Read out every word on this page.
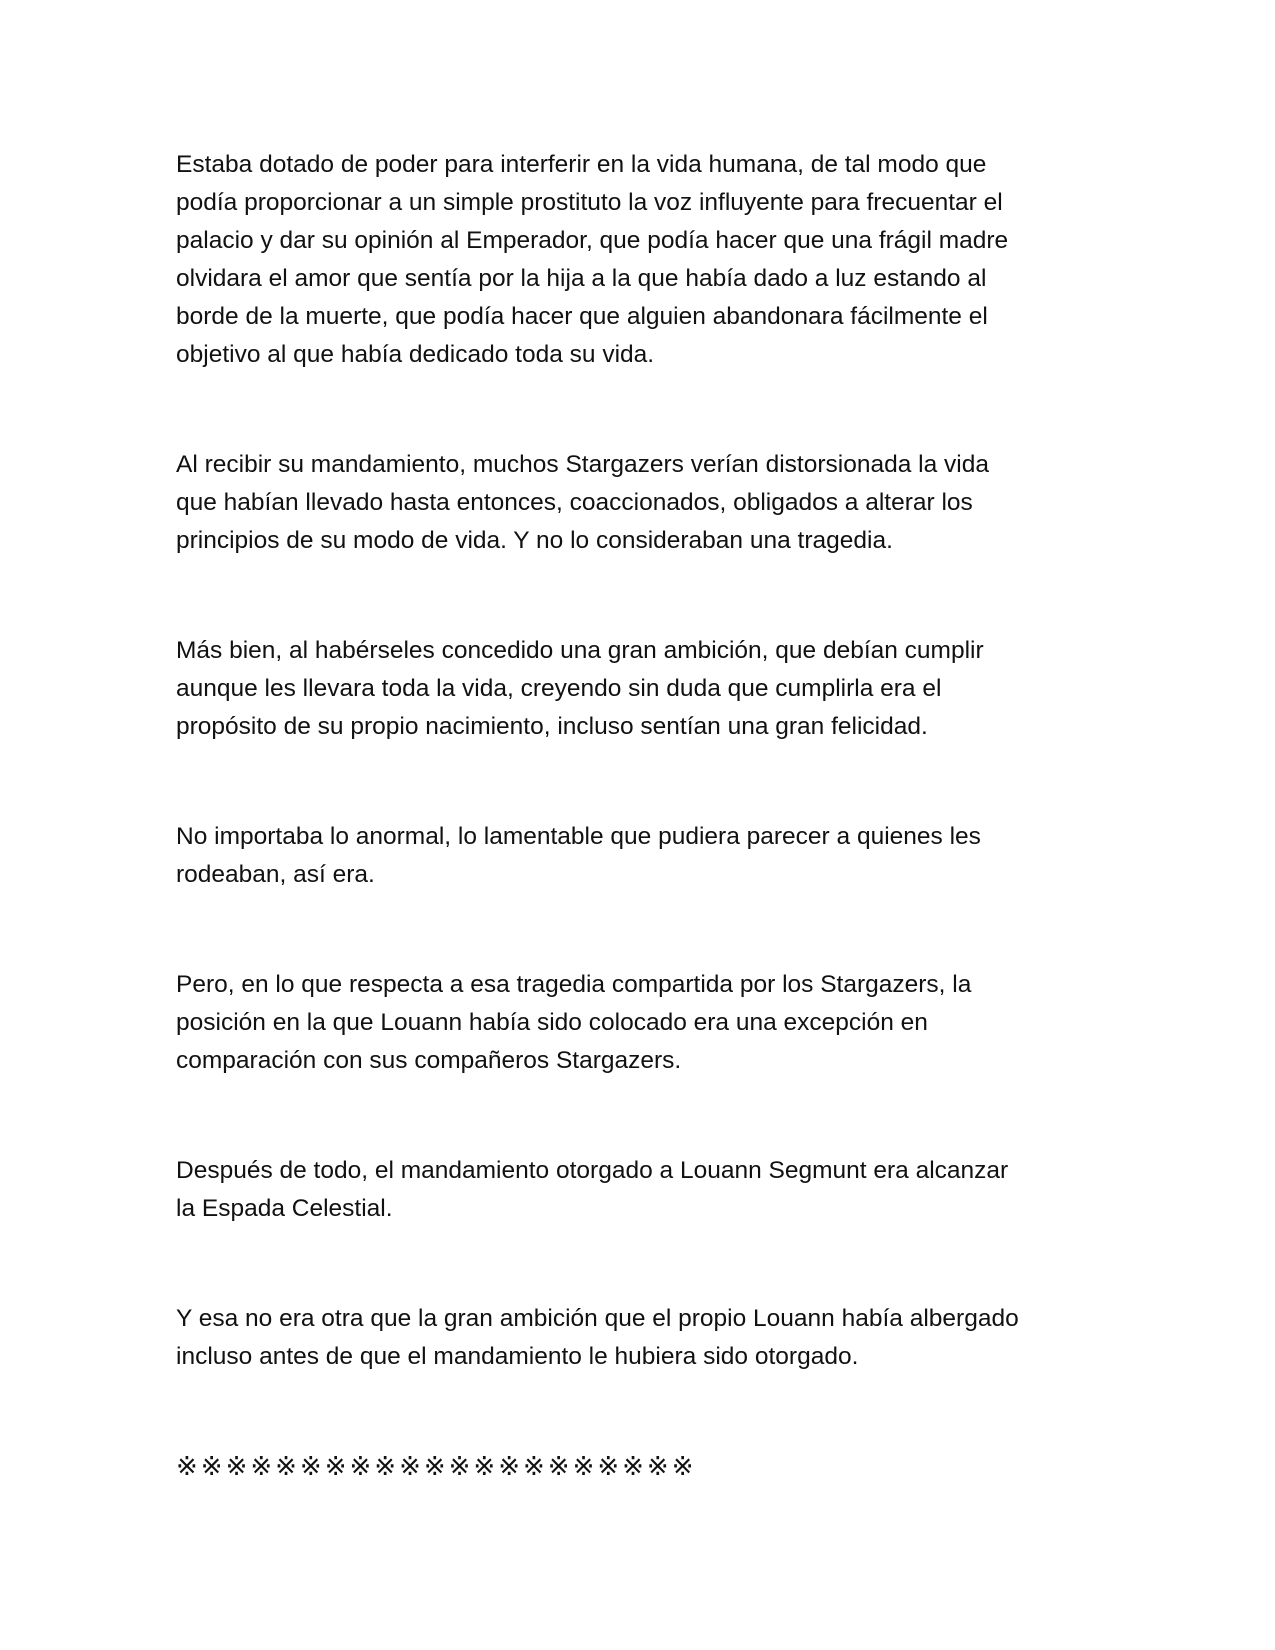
Estaba dotado de poder para interferir en la vida humana, de tal modo que
podía proporcionar a un simple prostituto la voz influyente para frecuentar el
palacio y dar su opinión al Emperador, que podía hacer que una frágil madre
olvidara el amor que sentía por la hija a la que había dado a luz estando al
borde de la muerte, que podía hacer que alguien abandonara fácilmente el
objetivo al que había dedicado toda su vida.

Al recibir su mandamiento, muchos Stargazers verían distorsionada la vida
que habían llevado hasta entonces, coaccionados, obligados a alterar los
principios de su modo de vida. Y no lo consideraban una tragedia.

Más bien, al habérseles concedido una gran ambición, que debían cumplir
aunque les llevara toda la vida, creyendo sin duda que cumplirla era el
propósito de su propio nacimiento, incluso sentían una gran felicidad.

No importaba lo anormal, lo lamentable que pudiera parecer a quienes les
rodeaban, así era.

Pero, en lo que respecta a esa tragedia compartida por los Stargazers, la
posición en la que Louann había sido colocado era una excepción en
comparación con sus compañeros Stargazers.

Después de todo, el mandamiento otorgado a Louann Segmunt era alcanzar
la Espada Celestial.

Y esa no era otra que la gran ambición que el propio Louann había albergado
incluso antes de que el mandamiento le hubiera sido otorgado.

※※※※※※※※※※※※※※※※※※※※※
